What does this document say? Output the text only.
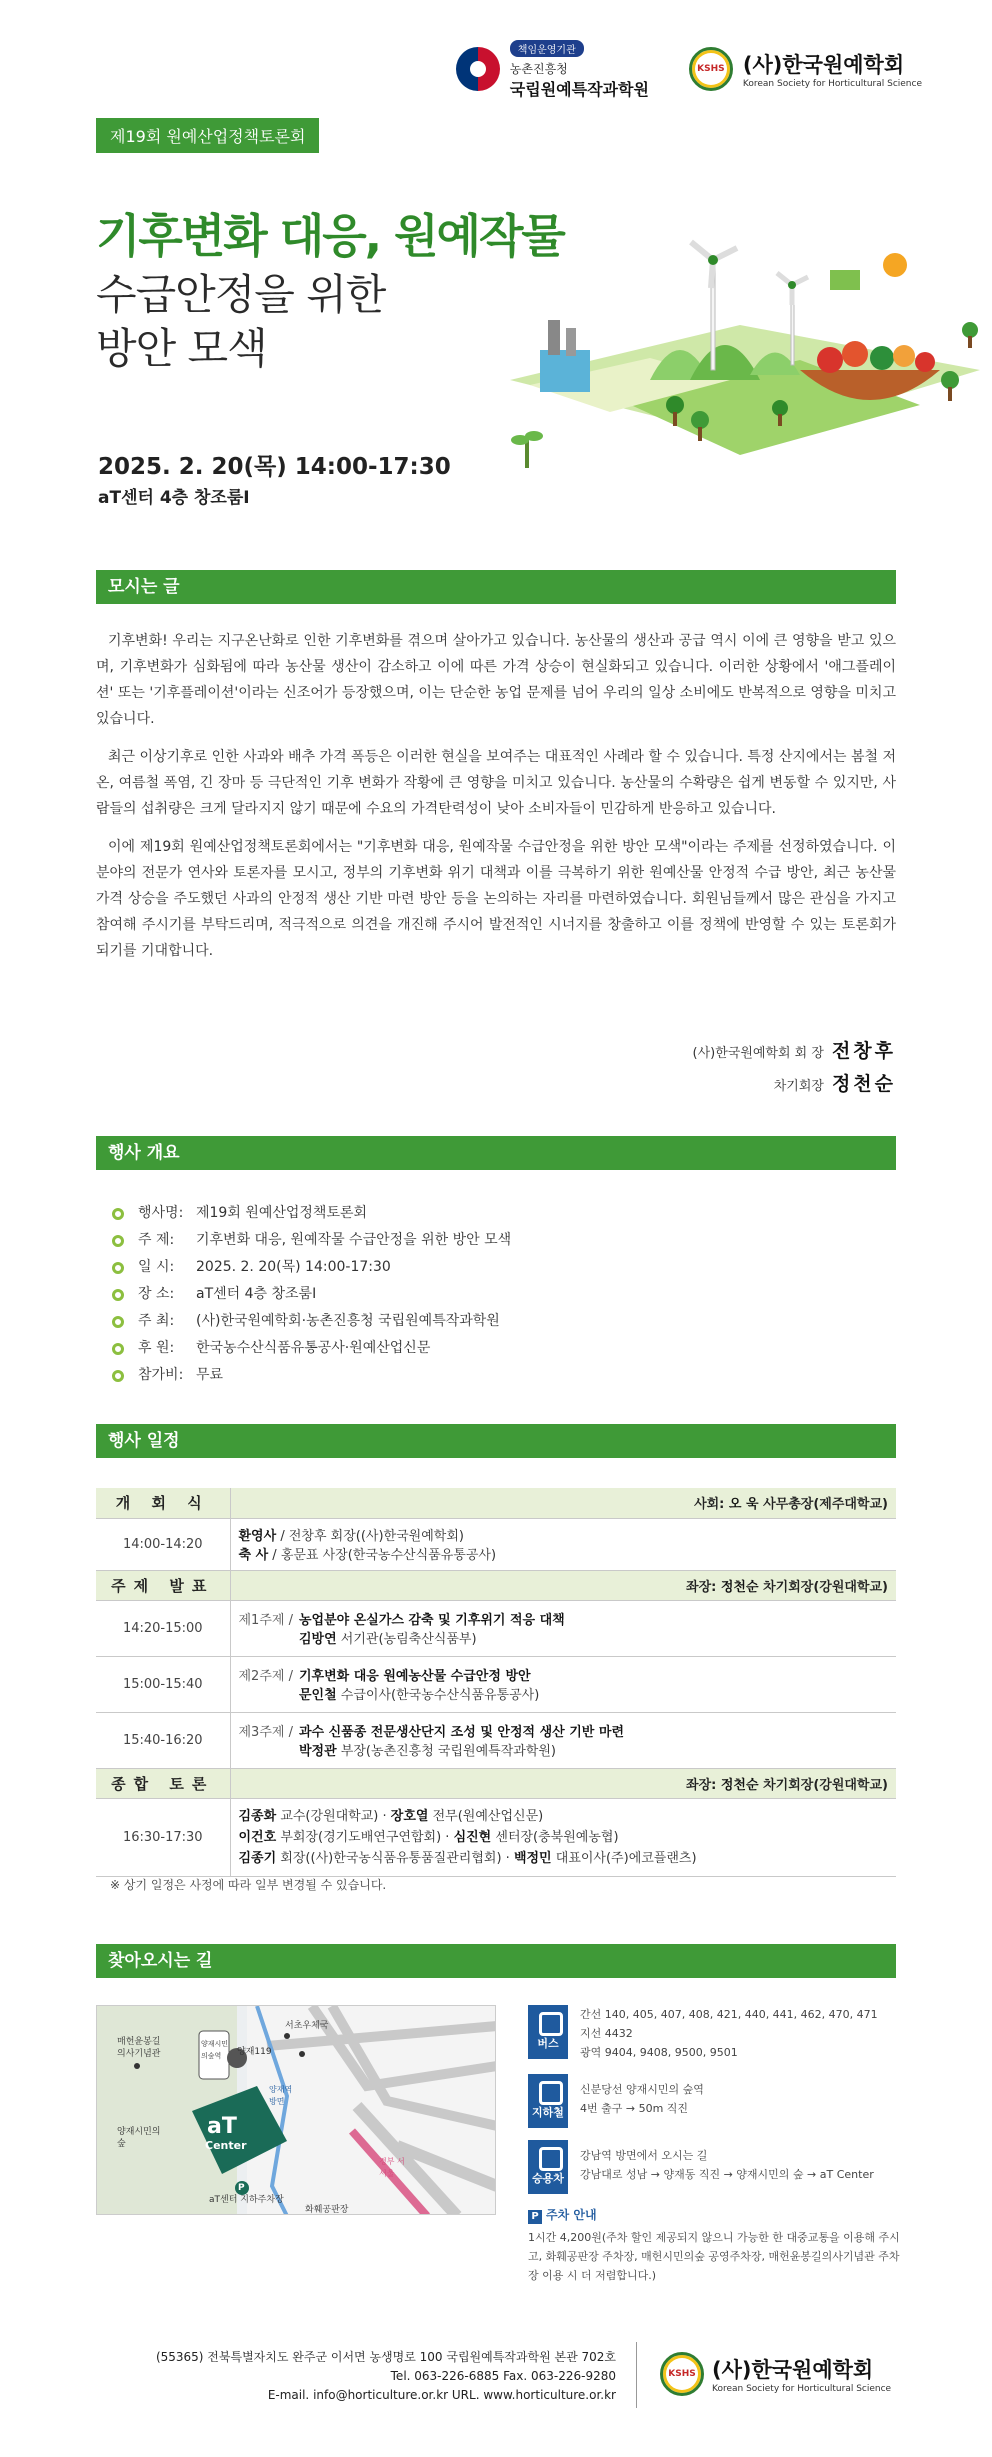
책임운영기관
농촌진흥청
국립원예특작과학원
KSHS (사)한국원예학회
Korean Society for Horticultural Science
제19회 원예산업정책토론회
기후변화 대응, 원예작물
수급안정을 위한
방안 모색
2025. 2. 20(목) 14:00-17:30
aT센터 4층 창조룸Ⅰ
모시는 글

기후변화! 우리는 지구온난화로 인한 기후변화를 겪으며 살아가고 있습니다. 농산물의 생산과 공급 역시 이에 큰 영향을 받고 있으며, 기후변화가 심화됨에 따라 농산물 생산이 감소하고 이에 따른 가격 상승이 현실화되고 있습니다. 이러한 상황에서 '애그플레이션' 또는 '기후플레이션'이라는 신조어가 등장했으며, 이는 단순한 농업 문제를 넘어 우리의 일상 소비에도 반복적으로 영향을 미치고 있습니다.

최근 이상기후로 인한 사과와 배추 가격 폭등은 이러한 현실을 보여주는 대표적인 사례라 할 수 있습니다. 특정 산지에서는 봄철 저온, 여름철 폭염, 긴 장마 등 극단적인 기후 변화가 작황에 큰 영향을 미치고 있습니다. 농산물의 수확량은 쉽게 변동할 수 있지만, 사람들의 섭취량은 크게 달라지지 않기 때문에 수요의 가격탄력성이 낮아 소비자들이 민감하게 반응하고 있습니다.

이에 제19회 원예산업정책토론회에서는 "기후변화 대응, 원예작물 수급안정을 위한 방안 모색"이라는 주제를 선정하였습니다. 이 분야의 전문가 연사와 토론자를 모시고, 정부의 기후변화 위기 대책과 이를 극복하기 위한 원예산물 안정적 수급 방안, 최근 농산물 가격 상승을 주도했던 사과의 안정적 생산 기반 마련 방안 등을 논의하는 자리를 마련하였습니다. 회원님들께서 많은 관심을 가지고 참여해 주시기를 부탁드리며, 적극적으로 의견을 개진해 주시어 발전적인 시너지를 창출하고 이를 정책에 반영할 수 있는 토론회가 되기를 기대합니다.

(사)한국원예학회 회 장 전창후
차기회장 정천순
행사 개요
행사명: 제19회 원예산업정책토론회
주 제:	기후변화 대응, 원예작물 수급안정을 위한 방안 모색
일 시:	2025. 2. 20(목) 14:00-17:30
장 소:	aT센터 4층 창조룸Ⅰ
주 최:	(사)한국원예학회·농촌진흥청 국립원예특작과학원
후 원:	한국농수산식품유통공사·원예산업신문
참가비: 무료
행사 일정
개 회 식	사회: 오 욱 사무총장(제주대학교)
14:00-14:20	환영사 / 전창후 회장((사)한국원예학회)
축 사 / 홍문표 사장(한국농수산식품유통공사)

주제 발표	좌장: 정천순 차기회장(강원대학교)
14:20-15:00	제1주제 / 농업분야 온실가스 감축 및 기후위기 적응 대책
김방연 서기관(농림축산식품부)

15:00-15:40	제2주제 / 기후변화 대응 원예농산물 수급안정 방안
문인철 수급이사(한국농수산식품유통공사)

15:40-16:20	제3주제 / 과수 신품종 전문생산단지 조성 및 안정적 생산 기반 마련
박정관 부장(농촌진흥청 국립원예특작과학원)

종합 토론	좌장: 정천순 차기회장(강원대학교)
16:30-17:30	김종화 교수(강원대학교) · 장호열 전무(원예산업신문)
이건호 부회장(경기도배연구연합회) · 심진현 센터장(충북원예농협)
김종기 회장((사)한국농식품유통품질관리협회) · 백정민 대표이사(주)에코플랜츠)
※ 상기 일정은 사정에 따라 일부 변경될 수 있습니다.
찾아오시는 길
매헌윤봉길
의사기념관
양재시민의
숲
서초우체국
양재119
양재시민의숲역
양재역 방면
aT
Center
P
aT센터 지하주차장
화훼공판장
경부 서서울
버스
간선 140, 405, 407, 408, 421, 440, 441, 462, 470, 471
지선 4432
광역 9404, 9408, 9500, 9501
지하철
신분당선 양재시민의 숲역
4번 출구 → 50m 직진
승용차
강남역 방면에서 오시는 길
강남대로 성남 → 양재동 직진 → 양재시민의 숲 → aT Center
P 주차 안내
1시간 4,200원(주차 할인 제공되지 않으니 가능한 한 대중교통을 이용해 주시고, 화훼공판장 주차장, 매헌시민의숲 공영주차장, 매헌윤봉길의사기념관 주차장 이용 시 더 저렴합니다.)
(55365) 전북특별자치도 완주군 이서면 농생명로 100 국립원예특작과학원 본관 702호
Tel. 063-226-6885 Fax. 063-226-9280
E-mail. info@horticulture.or.kr URL. www.horticulture.or.kr
KSHS (사)한국원예학회
Korean Society for Horticultural Science
